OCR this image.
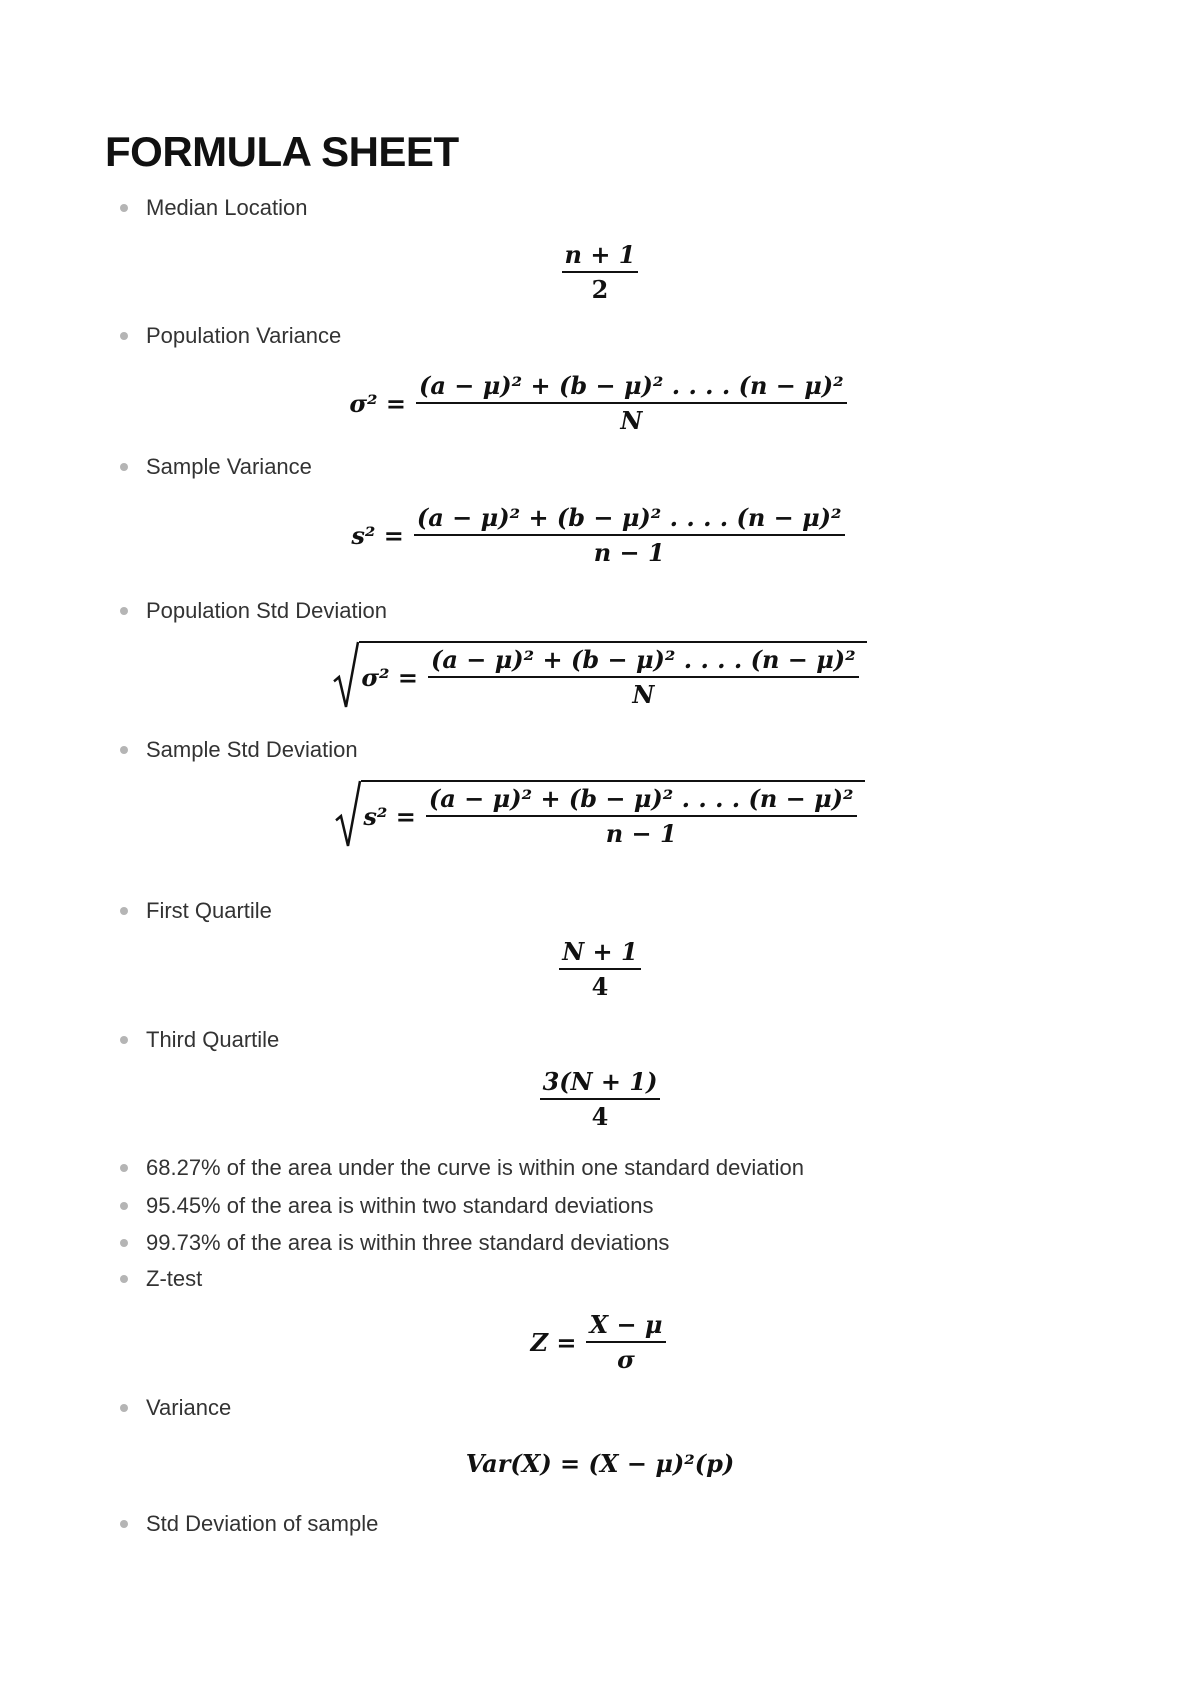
FORMULA SHEET
Median Location
$\frac{n + 1}{2}$
Population Variance
$\sigma^2 = \frac{\text{(a − μ)² + (b − μ)² . . . . (n − μ)²}}{N}$
Sample Variance
$s^2 = \frac{\text{(a − μ)² + (b − μ)² . . . . (n − μ)²}}{n - 1}$
Population Std Deviation
$\sigma^2 = \frac{\text{(a − μ)² + (b − μ)² . . . . (n − μ)²}}{N}$
Sample Std Deviation
$s^2 = \frac{\text{(a − μ)² + (b − μ)² . . . . (n − μ)²}}{n - 1}$
First Quartile
$\frac{N + 1}{4}$
Third Quartile
$\frac{3(N + 1)}{4}$
68.27% of the area under the curve is within one standard deviation
95.45% of the area is within two standard deviations
99.73% of the area is within three standard deviations
Z-test
$Z = \frac{X - \mu}{\sigma}$
Variance
Var(X) = (X − μ)²(p)
Std Deviation of sample
